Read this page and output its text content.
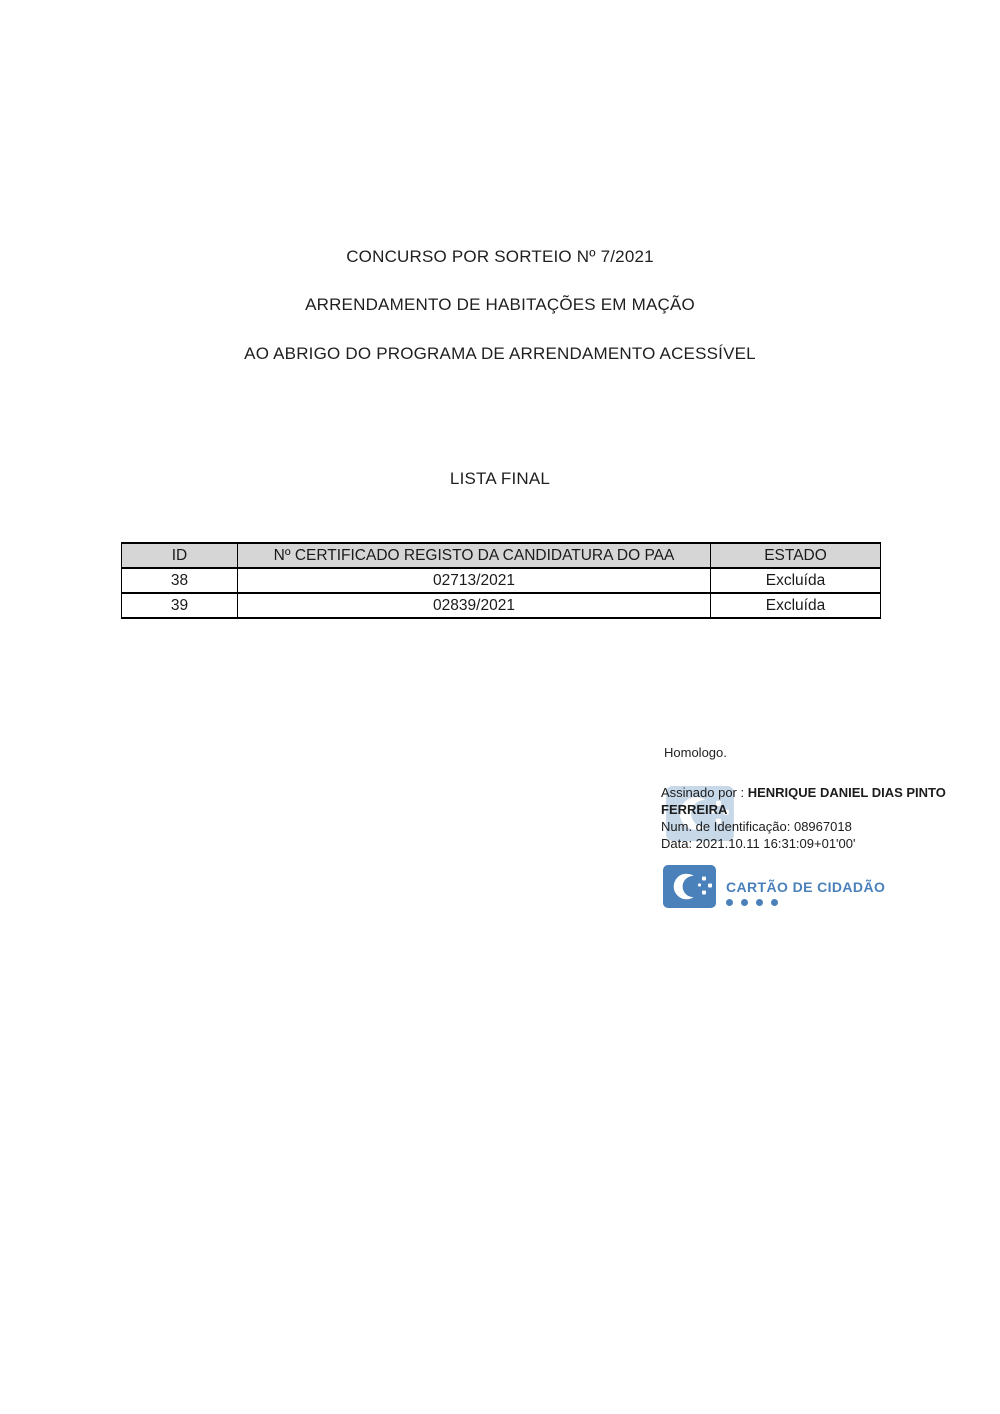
CONCURSO POR SORTEIO Nº 7/2021
ARRENDAMENTO DE HABITAÇÕES EM MAÇÃO
AO ABRIGO DO PROGRAMA DE ARRENDAMENTO ACESSÍVEL
LISTA FINAL
ID	Nº CERTIFICADO REGISTO DA CANDIDATURA DO PAA	ESTADO
38	02713/2021	Excluída
39	02839/2021	Excluída
Homologo.
Assinado por : HENRIQUE DANIEL DIAS PINTO FERREIRA
Num. de Identificação: 08967018
Data: 2021.10.11 16:31:09+01'00'
CARTÃO DE CIDADÃO
